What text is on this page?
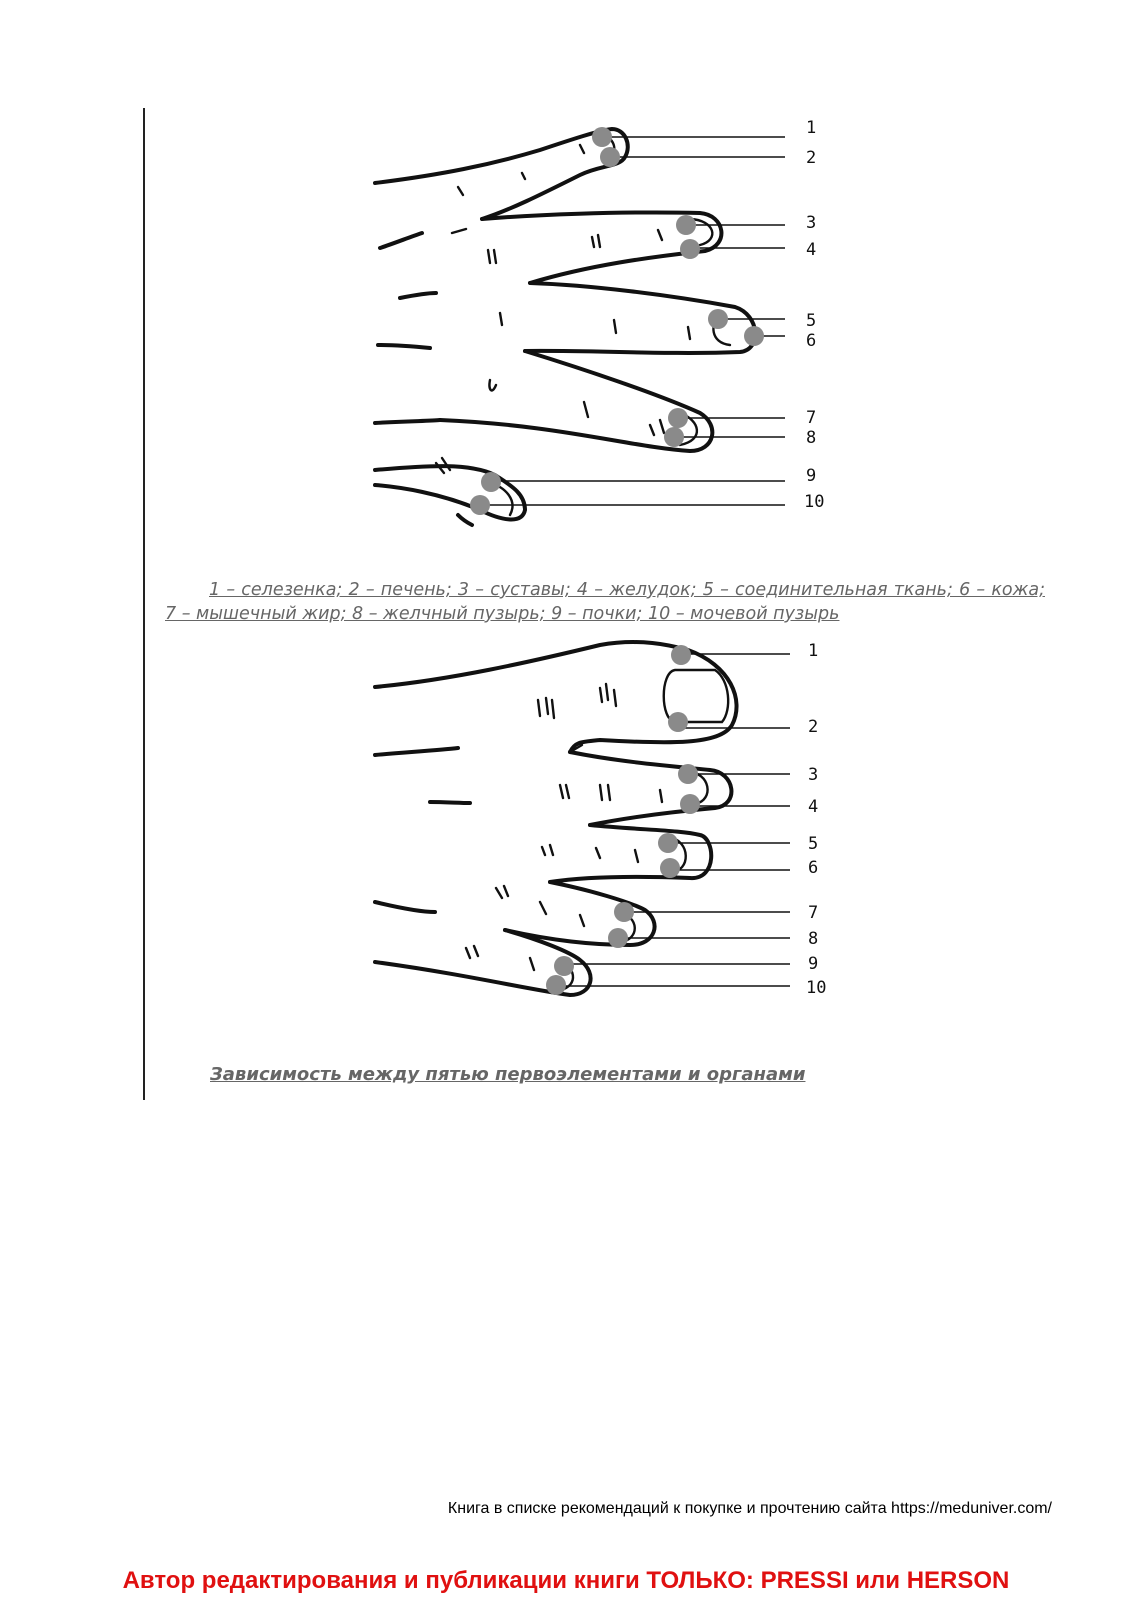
1
2
3
4
5
6
7
8
9
10
1 – селезенка; 2 – печень; 3 – суставы; 4 – желудок; 5 – соединительная ткань; 6 – кожа; 7 – мышечный жир; 8 – желчный пузырь; 9 – почки; 10 – мочевой пузырь
1
2
3
4
5
6
7
8
9
10
Зависимость между пятью первоэлементами и органами
Книга в списке рекомендаций к покупке и прочтению сайта https://meduniver.com/
Автор редактирования и публикации книги ТОЛЬКО: PRESSI или HERSON
